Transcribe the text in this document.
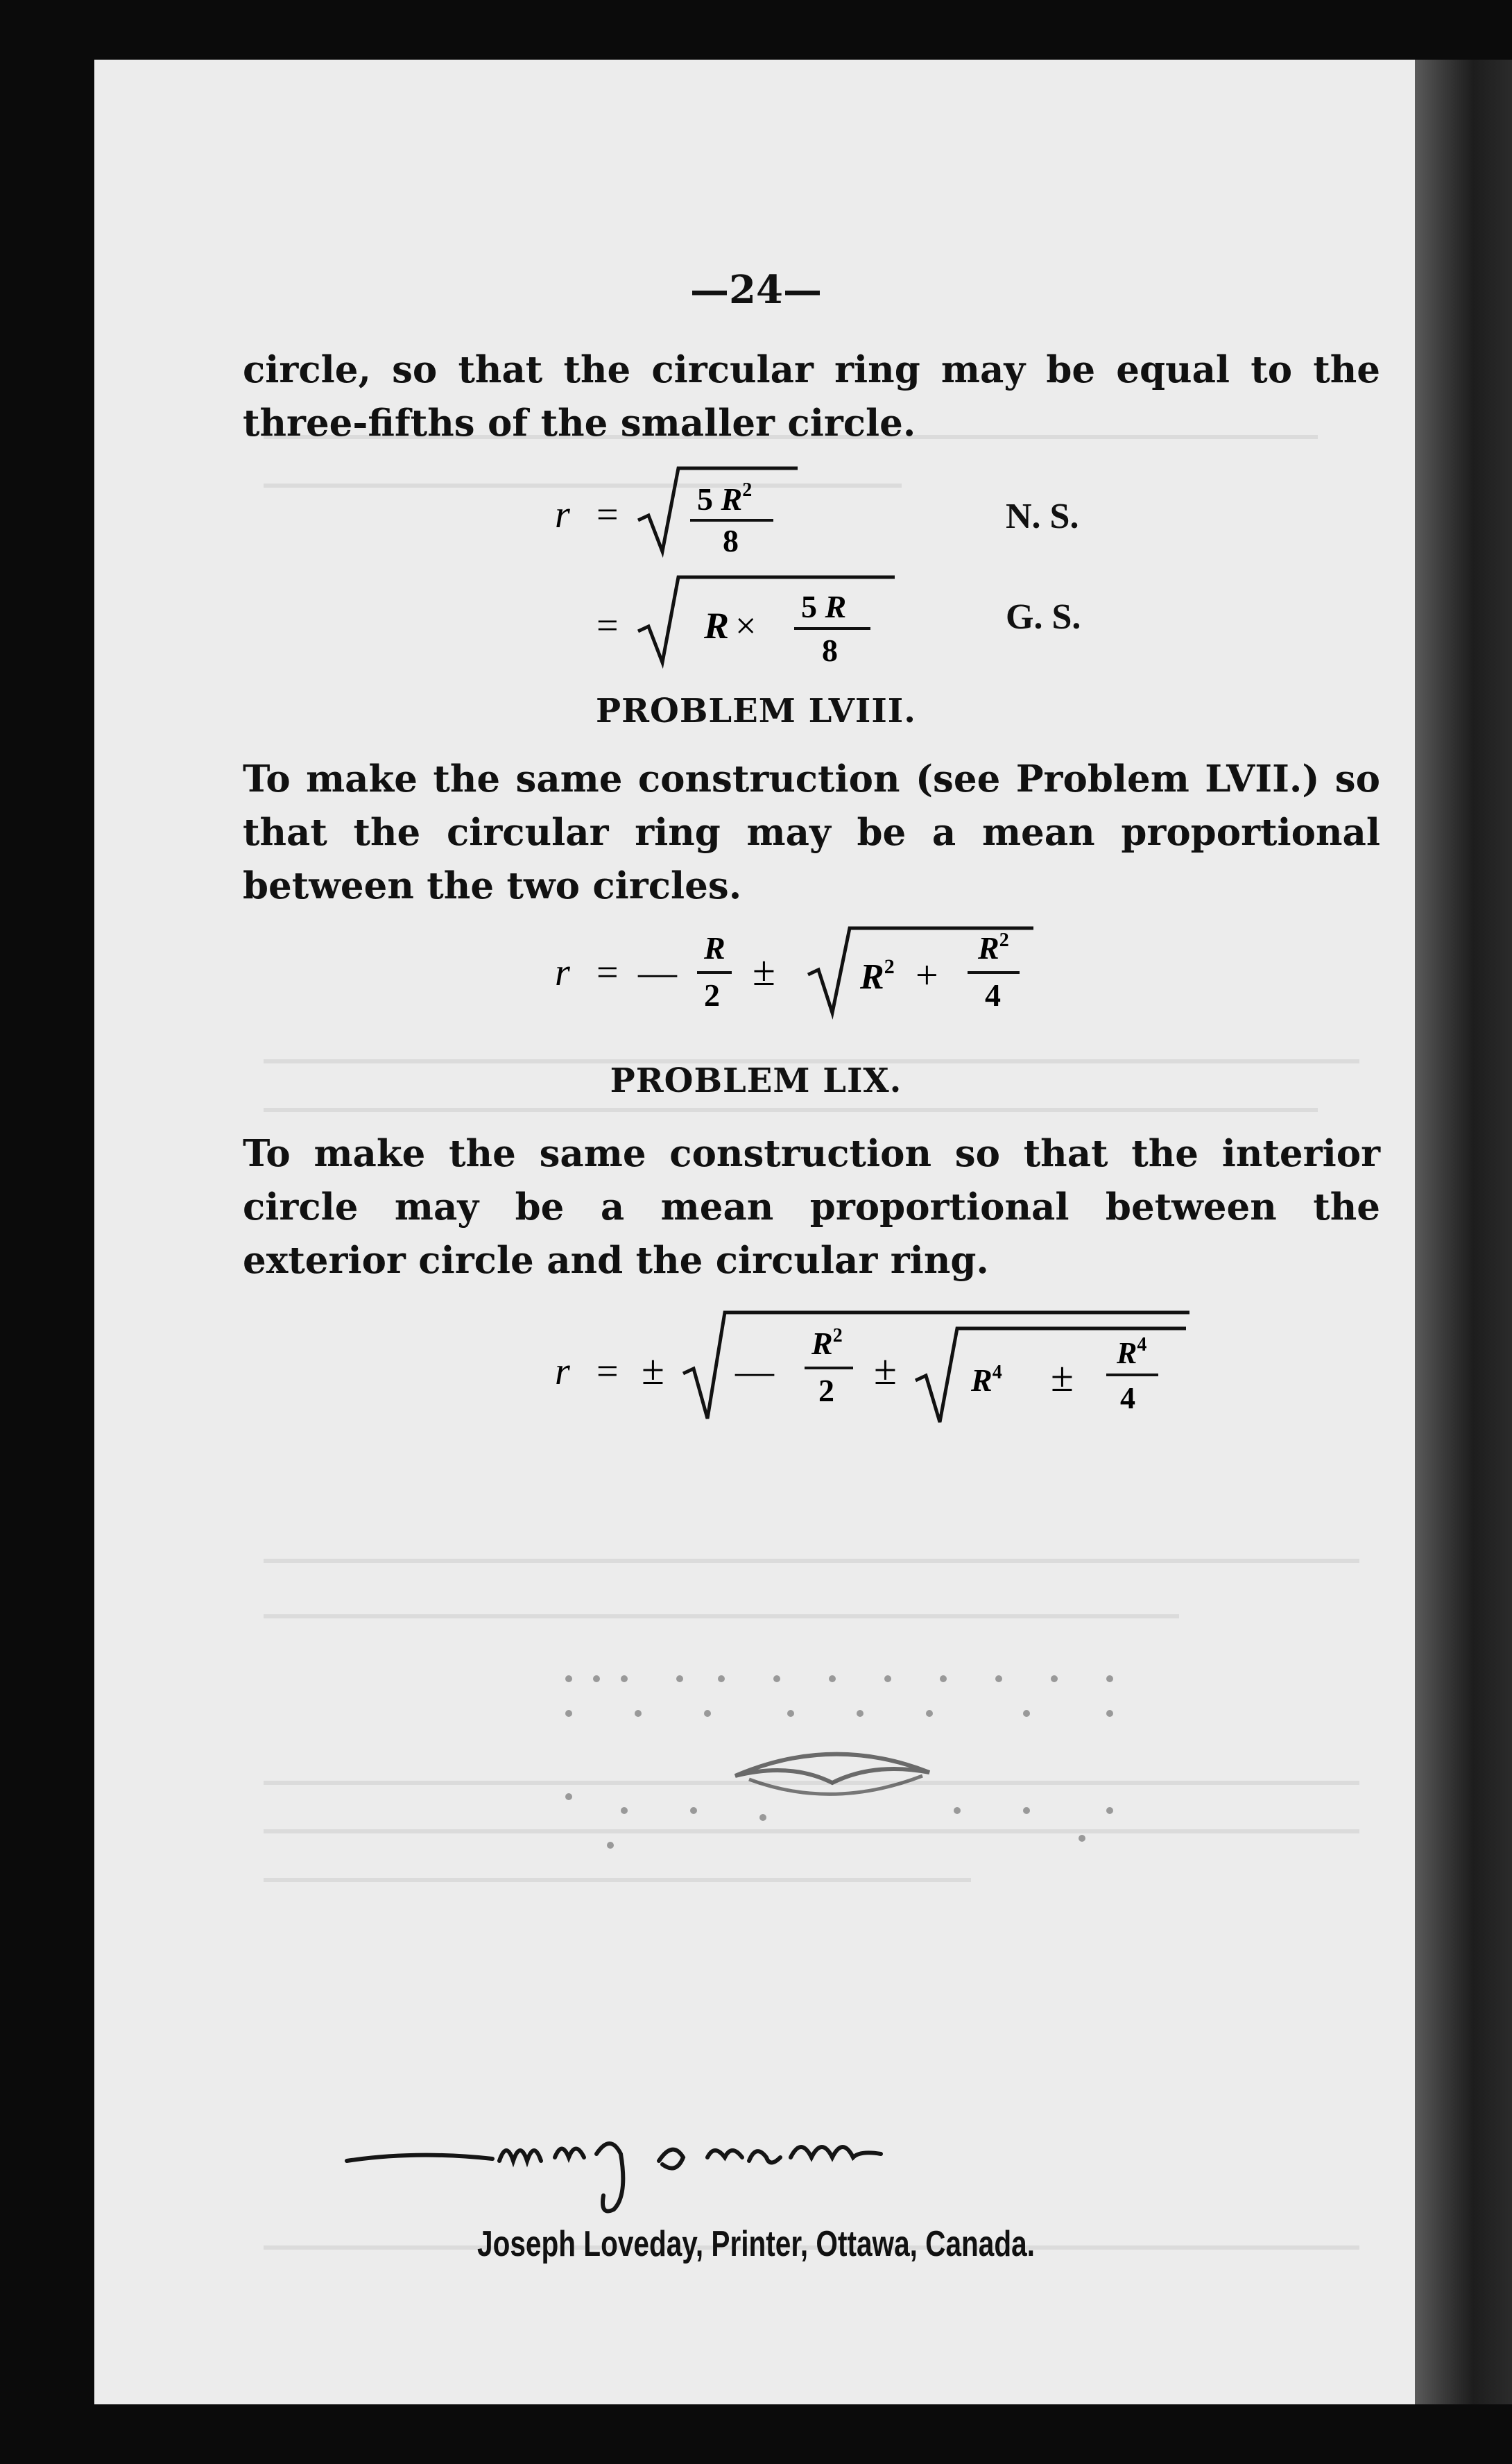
—24—
circle, so that the circular ring may be equal to the three-fifths of the smaller circle.
r = 5 $R^2$
8
N. S.
= R × 5 R
8
G. S.
PROBLEM LVIII.
To make the same construction (see Problem LVII.) so that the circular ring may be a mean proportional between the two circles.
r = —
R
2
± $R^2$ +
$R^2$
4
PROBLEM LIX.
To make the same construction so that the interior circle may be a mean proportional between the exterior circle and the circular ring.
r = ± —
$R^2$
$2 \pm R^4$ ±
$R^4$
4
Joseph Loveday, Printer, Ottawa, Canada.
